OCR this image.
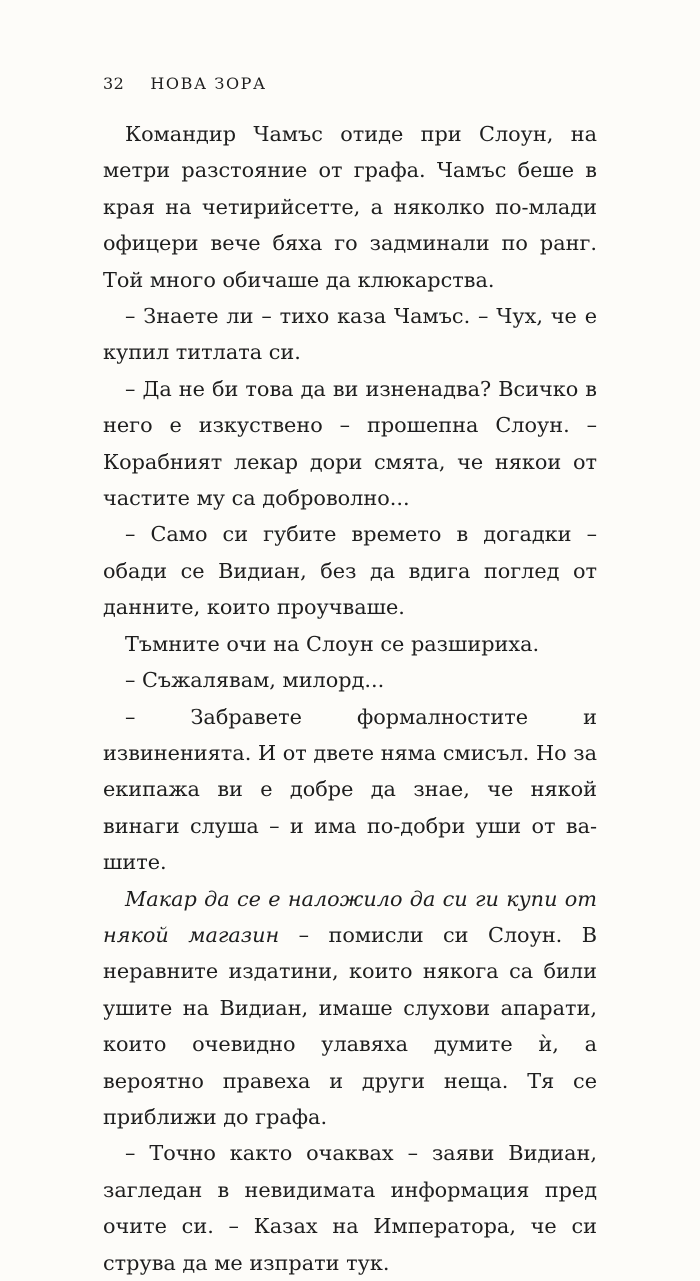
32 НОВА ЗОРА

Командир Чамъс отиде при Слоун, на метри разстояние от графа. Чамъс беше в края на четирийсетте, а няколко по-млади офицери вече бяха го задминали по ранг. Той много обичаше да клюкарства.

– Знаете ли – тихо каза Чамъс. – Чух, че е купил титлата си.

– Да не би това да ви изненадва? Всичко в него е изкуствено – прошепна Слоун. – Корабният лекар дори смята, че някои от частите му са доброволно...

– Само си губите времето в догадки – обади се Видиан, без да вдига поглед от данните, които проучваше.

Тъмните очи на Слоун се разшириха.

– Съжалявам, милорд...

– Забравете формалностите и извиненията. И от двете няма смисъл. Но за екипажа ви е добре да знае, че някой винаги слуша – и има по-добри уши от вашите.

Макар да се е наложило да си ги купи от някой магазин – помисли си Слоун. В неравните издатини, които някога са били ушите на Видиан, имаше слухови апарати, които очевидно улавяха думите ѝ, а вероятно правеха и други неща. Тя се приближи до графа.

– Точно както очаквах – заяви Видиан, загледан в невидимата информация пред очите си. – Казах на Императора, че си струва да ме изпрати тук.
